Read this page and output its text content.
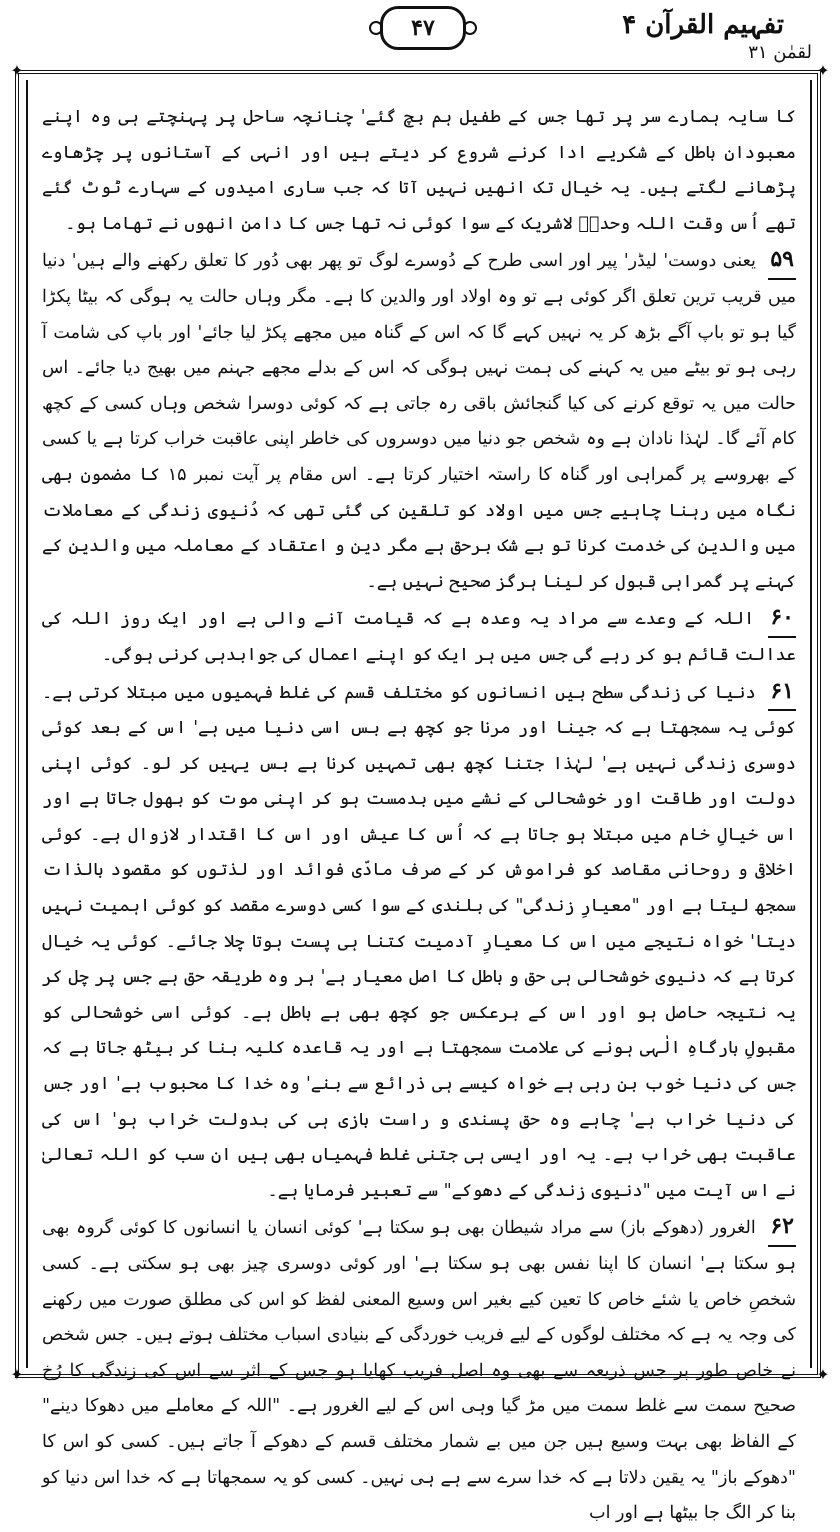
تفہیم القرآن ۴
۴۷
لقمٰن ۳۱
✦	✦
✦	✦

کا سایہ ہمارے سر پر تھا جس کے طفیل ہم بچ گئے' چنانچہ ساحل پر پہنچتے ہی وہ اپنے معبودانِ باطل کے شکریے ادا کرنے شروع کر دیتے ہیں اور انہی کے آستانوں پر چڑھاوے پڑھانے لگتے ہیں۔ یہ خیال تک انھیں نہیں آتا کہ جب ساری امیدوں کے سہارے ٹوٹ گئے تھے اُس وقت اللہ وحدہٗ لاشریک کے سوا کوئی نہ تھا جس کا دامن انھوں نے تھاما ہو۔

۵۹ یعنی دوست' لیڈر' پیر اور اسی طرح کے دُوسرے لوگ تو پھر بھی دُور کا تعلق رکھنے والے ہیں' دنیا میں قریب ترین تعلق اگر کوئی ہے تو وہ اولاد اور والدین کا ہے۔ مگر وہاں حالت یہ ہوگی کہ بیٹا پکڑا گیا ہو تو باپ آگے بڑھ کر یہ نہیں کہے گا کہ اس کے گناہ میں مجھے پکڑ لیا جائے' اور باپ کی شامت آ رہی ہو تو بیٹے میں یہ کہنے کی ہمت نہیں ہوگی کہ اس کے بدلے مجھے جہنم میں بھیج دیا جائے۔ اس حالت میں یہ توقع کرنے کی کیا گنجائش باقی رہ جاتی ہے کہ کوئی دوسرا شخص وہاں کسی کے کچھ کام آئے گا۔ لہٰذا نادان ہے وہ شخص جو دنیا میں دوسروں کی خاطر اپنی عاقبت خراب کرتا ہے یا کسی کے بھروسے پر گمراہی اور گناہ کا راستہ اختیار کرتا ہے۔ اس مقام پر آیت نمبر ۱۵ کا مضمون بھی نگاہ میں رہنا چاہیے جس میں اولاد کو تلقین کی گئی تھی کہ دُنیوی زندگی کے معاملات میں والدین کی خدمت کرنا تو بے شک برحق ہے مگر دین و اعتقاد کے معاملہ میں والدین کے کہنے پر گمراہی قبول کر لینا ہرگز صحیح نہیں ہے۔

۶۰ اللہ کے وعدے سے مراد یہ وعدہ ہے کہ قیامت آنے والی ہے اور ایک روز اللہ کی عدالت قائم ہو کر رہے گی جس میں ہر ایک کو اپنے اعمال کی جوابدہی کرنی ہوگی۔

۶۱ دنیا کی زندگی سطح بیں انسانوں کو مختلف قسم کی غلط فہمیوں میں مبتلا کرتی ہے۔ کوئی یہ سمجھتا ہے کہ جینا اور مرنا جو کچھ ہے بس اسی دنیا میں ہے' اس کے بعد کوئی دوسری زندگی نہیں ہے' لہٰذا جتنا کچھ بھی تمہیں کرنا ہے بس یہیں کر لو۔ کوئی اپنی دولت اور طاقت اور خوشحالی کے نشے میں بدمست ہو کر اپنی موت کو بھول جاتا ہے اور اس خیالِ خام میں مبتلا ہو جاتا ہے کہ اُس کا عیش اور اس کا اقتدار لازوال ہے۔ کوئی اخلاقی و روحانی مقاصد کو فراموش کر کے صرف مادّی فوائد اور لذتوں کو مقصود بالذات سمجھ لیتا ہے اور "معیارِ زندگی" کی بلندی کے سوا کسی دوسرے مقصد کو کوئی اہمیت نہیں دیتا' خواہ نتیجے میں اس کا معیارِ آدمیت کتنا ہی پست ہوتا چلا جائے۔ کوئی یہ خیال کرتا ہے کہ دنیوی خوشحالی ہی حق و باطل کا اصل معیار ہے' ہر وہ طریقہ حق ہے جس پر چل کر یہ نتیجہ حاصل ہو اور اس کے برعکس جو کچھ بھی ہے باطل ہے۔ کوئی اسی خوشحالی کو مقبولِ بارگاہِ الٰہی ہونے کی علامت سمجھتا ہے اور یہ قاعدہ کلیہ بنا کر بیٹھ جاتا ہے کہ جس کی دنیا خوب بن رہی ہے خواہ کیسے ہی ذرائع سے بنے' وہ خدا کا محبوب ہے' اور جس کی دنیا خراب ہے' چاہے وہ حق پسندی و راست بازی ہی کی بدولت خراب ہو' اس کی عاقبت بھی خراب ہے۔ یہ اور ایسی ہی جتنی غلط فہمیاں بھی ہیں ان سب کو اللہ تعالیٰ نے اس آیت میں "دنیوی زندگی کے دھوکے" سے تعبیر فرمایا ہے۔

۶۲ الغرور (دھوکے باز) سے مراد شیطان بھی ہو سکتا ہے' کوئی انسان یا انسانوں کا کوئی گروہ بھی ہو سکتا ہے' انسان کا اپنا نفس بھی ہو سکتا ہے' اور کوئی دوسری چیز بھی ہو سکتی ہے۔ کسی شخصِ خاص یا شئے خاص کا تعین کیے بغیر اس وسیع المعنی لفظ کو اس کی مطلق صورت میں رکھنے کی وجہ یہ ہے کہ مختلف لوگوں کے لیے فریب خوردگی کے بنیادی اسباب مختلف ہوتے ہیں۔ جس شخص نے خاص طور پر جس ذریعہ سے بھی وہ اصل فریب کھایا ہو جس کے اثر سے اس کی زندگی کا رُخ صحیح سمت سے غلط سمت میں مڑ گیا وہی اس کے لیے الغرور ہے۔ "اللہ کے معاملے میں دھوکا دینے" کے الفاظ بھی بہت وسیع ہیں جن میں بے شمار مختلف قسم کے دھوکے آ جاتے ہیں۔ کسی کو اس کا "دھوکے باز" یہ یقین دلاتا ہے کہ خدا سرے سے ہے ہی نہیں۔ کسی کو یہ سمجھاتا ہے کہ خدا اس دنیا کو بنا کر الگ جا بیٹھا ہے اور اب
